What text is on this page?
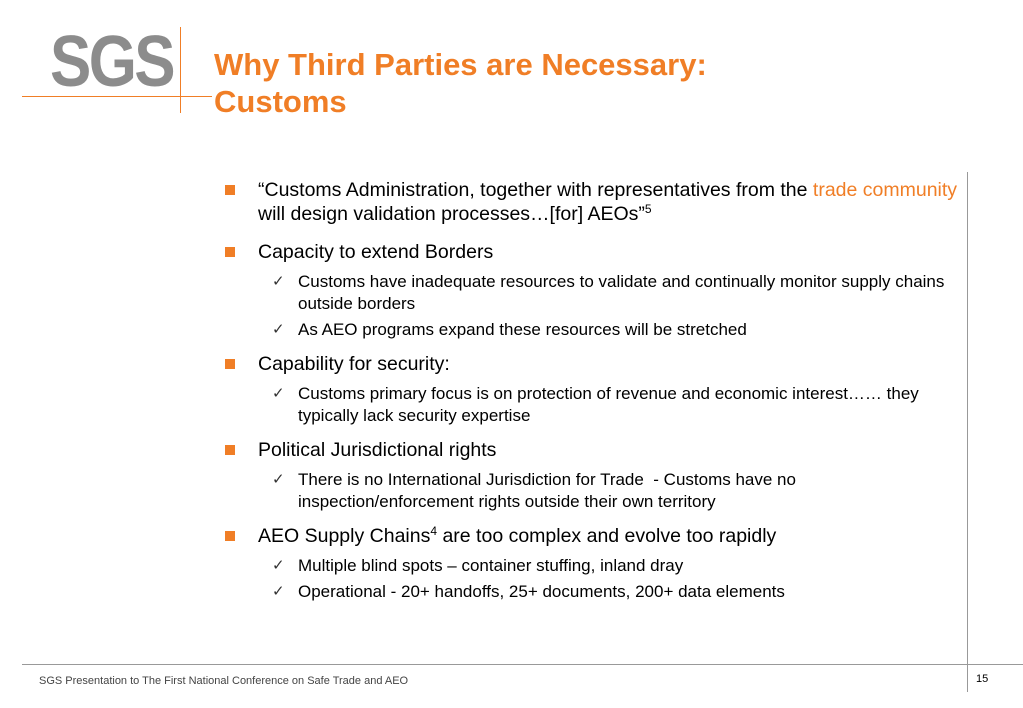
SGS Why Third Parties are Necessary:
Customs
“Customs Administration, together with representatives from the trade community will design validation processes…[for] AEOs”$^5$
Capacity to extend Borders
✓ Customs have inadequate resources to validate and continually monitor supply chains outside borders
✓ As AEO programs expand these resources will be stretched
Capability for security:
✓ Customs primary focus is on protection of revenue and economic interest…… they typically lack security expertise
Political Jurisdictional rights
✓ There is no International Jurisdiction for Trade  - Customs have no inspection/enforcement rights outside their own territory
AEO Supply Chains$^4$ are too complex and evolve too rapidly
✓ Multiple blind spots – container stuffing, inland dray
✓ Operational - 20+ handoffs, 25+ documents, 200+ data elements
SGS Presentation to The First National Conference on Safe Trade and AEO	15
